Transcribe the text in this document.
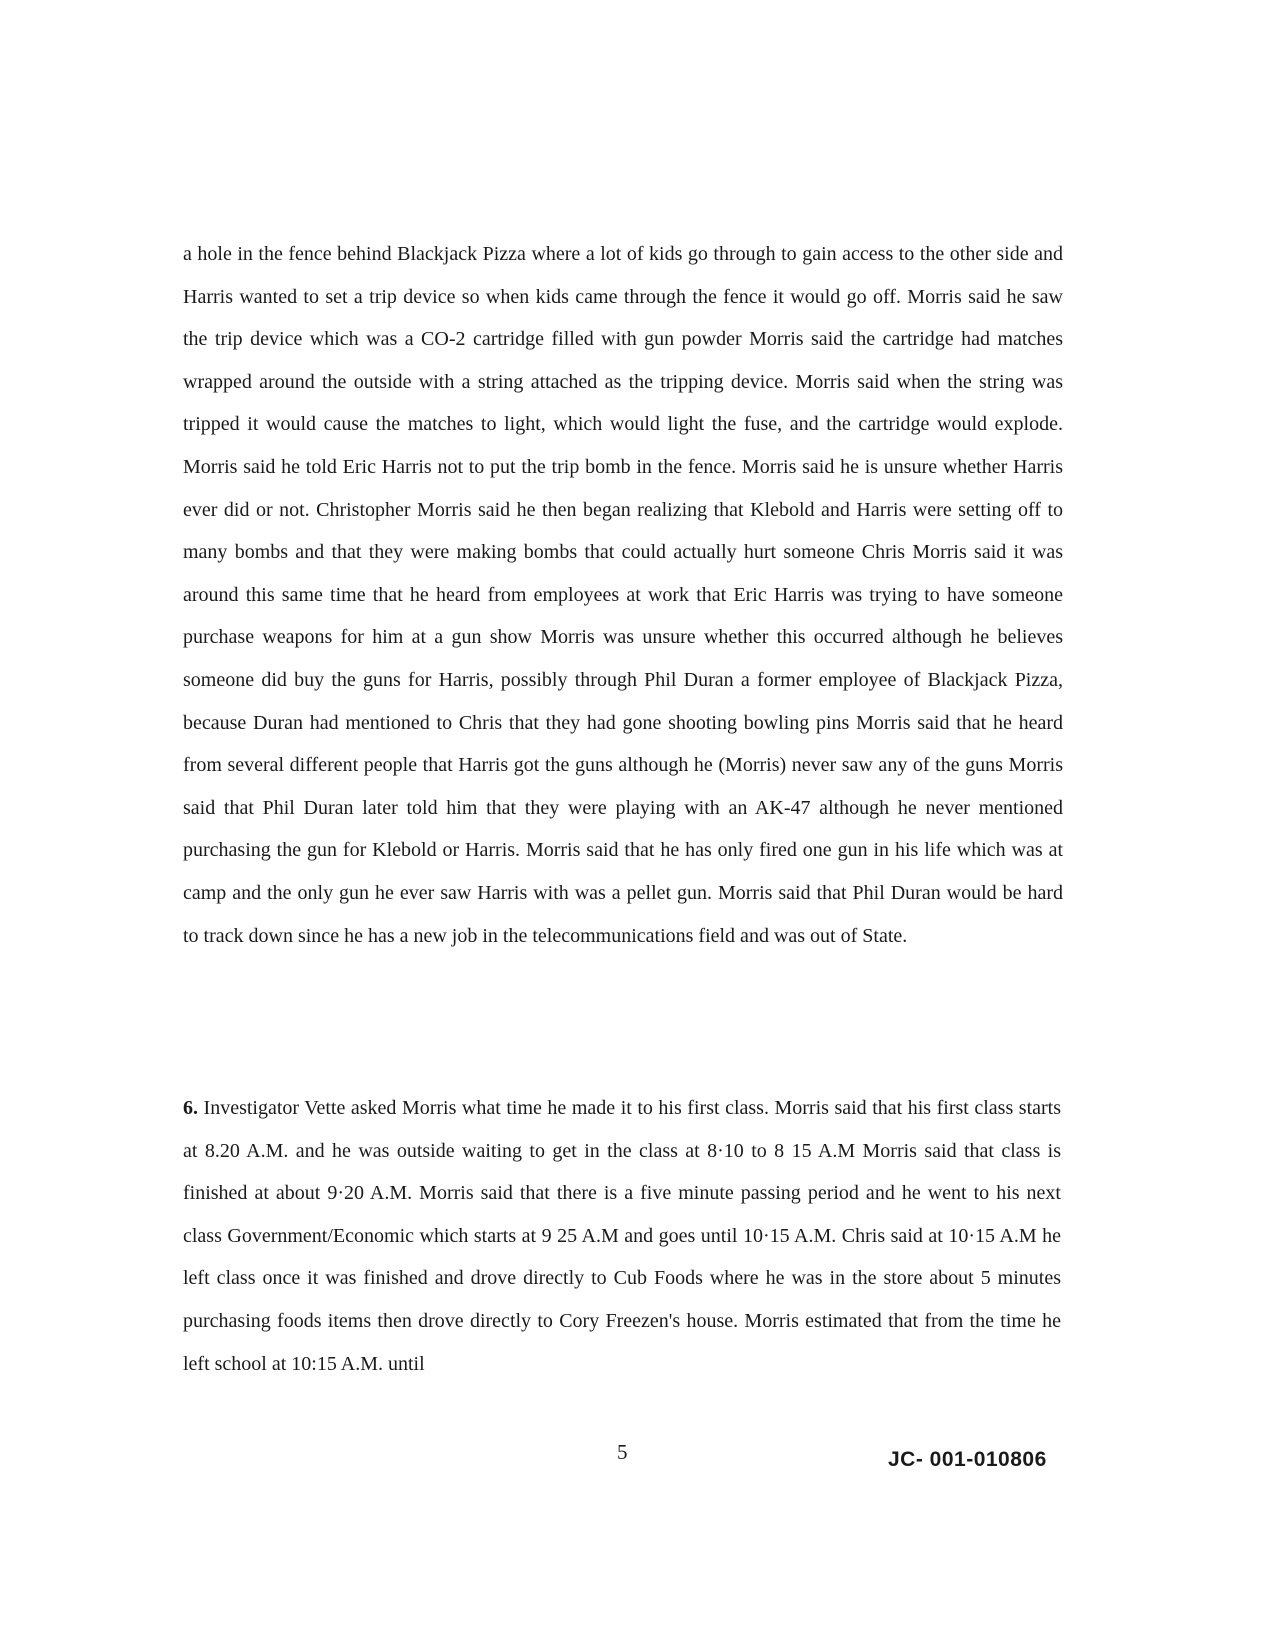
a hole in the fence behind Blackjack Pizza where a lot of kids go through to gain access to the other side and Harris wanted to set a trip device so when kids came through the fence it would go off. Morris said he saw the trip device which was a CO-2 cartridge filled with gun powder Morris said the cartridge had matches wrapped around the outside with a string attached as the tripping device. Morris said when the string was tripped it would cause the matches to light, which would light the fuse, and the cartridge would explode. Morris said he told Eric Harris not to put the trip bomb in the fence. Morris said he is unsure whether Harris ever did or not. Christopher Morris said he then began realizing that Klebold and Harris were setting off to many bombs and that they were making bombs that could actually hurt someone Chris Morris said it was around this same time that he heard from employees at work that Eric Harris was trying to have someone purchase weapons for him at a gun show Morris was unsure whether this occurred although he believes someone did buy the guns for Harris, possibly through Phil Duran a former employee of Blackjack Pizza, because Duran had mentioned to Chris that they had gone shooting bowling pins Morris said that he heard from several different people that Harris got the guns although he (Morris) never saw any of the guns Morris said that Phil Duran later told him that they were playing with an AK-47 although he never mentioned purchasing the gun for Klebold or Harris. Morris said that he has only fired one gun in his life which was at camp and the only gun he ever saw Harris with was a pellet gun. Morris said that Phil Duran would be hard to track down since he has a new job in the telecommunications field and was out of State.

6. Investigator Vette asked Morris what time he made it to his first class. Morris said that his first class starts at 8.20 A.M. and he was outside waiting to get in the class at 8·10 to 8 15 A.M Morris said that class is finished at about 9·20 A.M. Morris said that there is a five minute passing period and he went to his next class Government/Economic which starts at 9 25 A.M and goes until 10·15 A.M. Chris said at 10·15 A.M he left class once it was finished and drove directly to Cub Foods where he was in the store about 5 minutes purchasing foods items then drove directly to Cory Freezen's house. Morris estimated that from the time he left school at 10:15 A.M. until

5	JC- 001-010806
